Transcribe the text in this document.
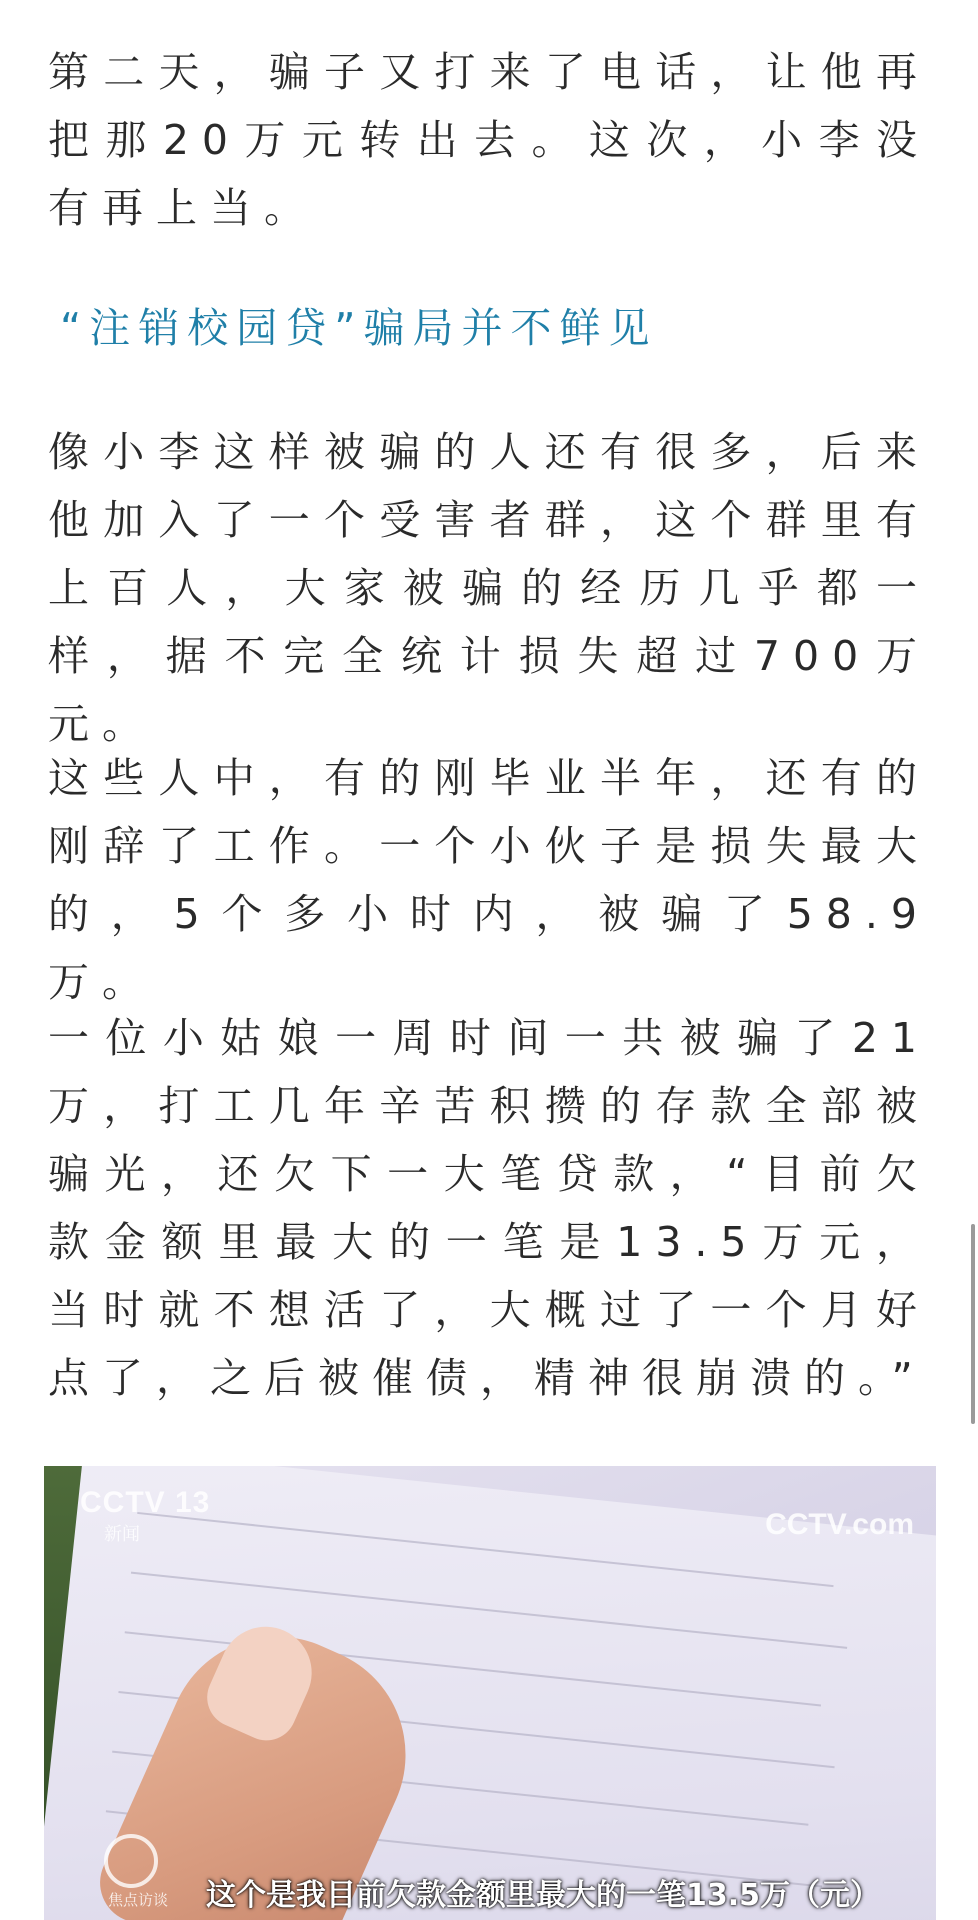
第二天，骗子又打来了电话，让他再把那20万元转出去。这次，小李没有再上当。

“注销校园贷”骗局并不鲜见

像小李这样被骗的人还有很多，后来他加入了一个受害者群，这个群里有上百人，大家被骗的经历几乎都一样，据不完全统计损失超过700万元。

这些人中，有的刚毕业半年，还有的刚辞了工作。一个小伙子是损失最大的，5个多小时内，被骗了58.9万。

一位小姑娘一周时间一共被骗了21万，打工几年辛苦积攒的存款全部被骗光，还欠下一大笔贷款，“目前欠款金额里最大的一笔是13.5万元，当时就不想活了，大概过了一个月好点了，之后被催债，精神很崩溃的。”

CCTV 13
新闻	CCTV.com
焦点访谈 这个是我目前欠款金额里最大的一笔13.5万（元）
